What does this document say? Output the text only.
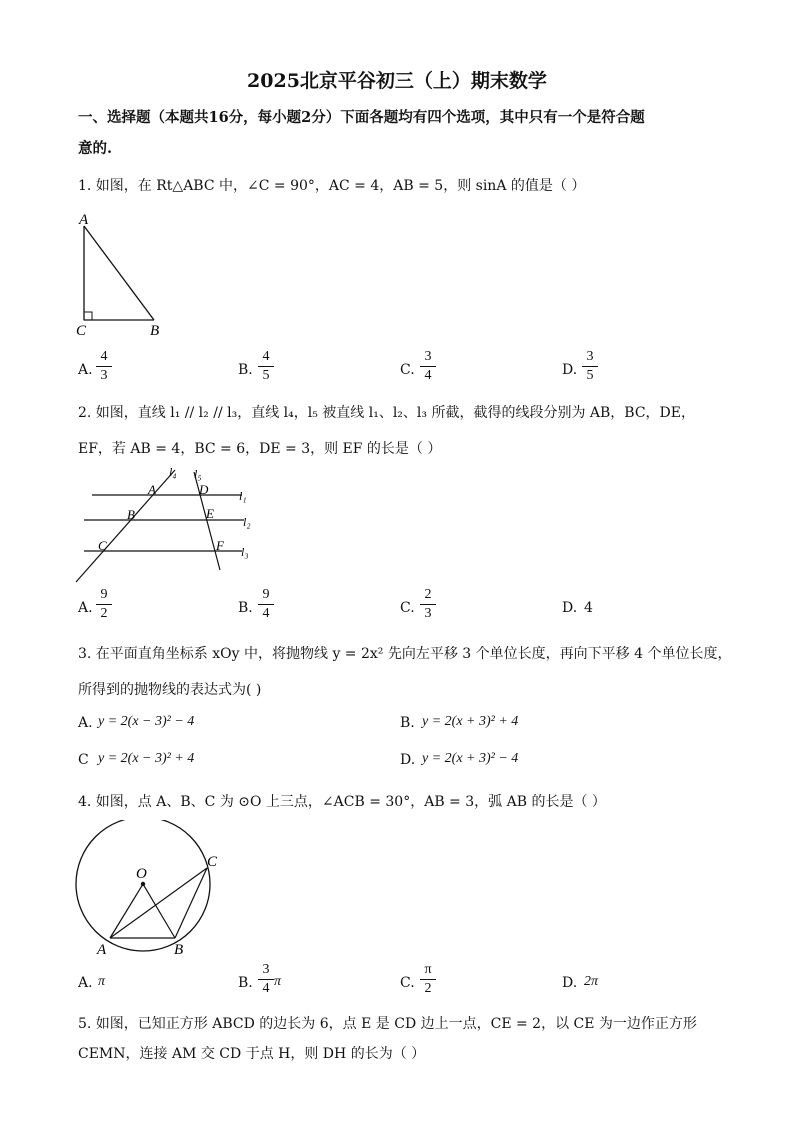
2025北京平谷初三（上）期末数学
一、选择题（本题共16分，每小题2分）下面各题均有四个选项，其中只有一个是符合题
意的.
1. 如图，在 Rt△ABC 中，∠C = 90°，AC = 4，AB = 5，则 sinA 的值是（ ）
A
C	B
A.
4
3	B.
4
5	C.
3
4	D.
3
5
2. 如图，直线 l₁ // l₂ // l₃，直线 l₄，l₅ 被直线 l₁、l₂、l₃ 所截，截得的线段分别为 AB，BC，DE，
EF，若 AB = 4，BC = 6，DE = 3，则 EF 的长是（ ）
l₄ l₅
l₁
l₂
l₃
A
B
C
D
E
F
A.
9
2	B.
9
4	C.
2
3	D. 4
3. 在平面直角坐标系 xOy 中，将抛物线 y = 2x² 先向左平移 3 个单位长度，再向下平移 4 个单位长度，
所得到的抛物线的表达式为( )
A. y = 2(x − 3)² − 4	B. y = 2(x + 3)² + 4
C y = 2(x − 3)² + 4	D. y = 2(x + 3)² − 4
4. 如图，点 A、B、C 为 ⊙O 上三点，∠ACB = 30°，AB = 3，弧 AB 的长是（ ）
O
A	B
C
A. π	B.
3
4 π	C.
π
2	D. 2π
5. 如图，已知正方形 ABCD 的边长为 6，点 E 是 CD 边上一点，CE = 2，以 CE 为一边作正方形
CEMN，连接 AM 交 CD 于点 H，则 DH 的长为（ ）
